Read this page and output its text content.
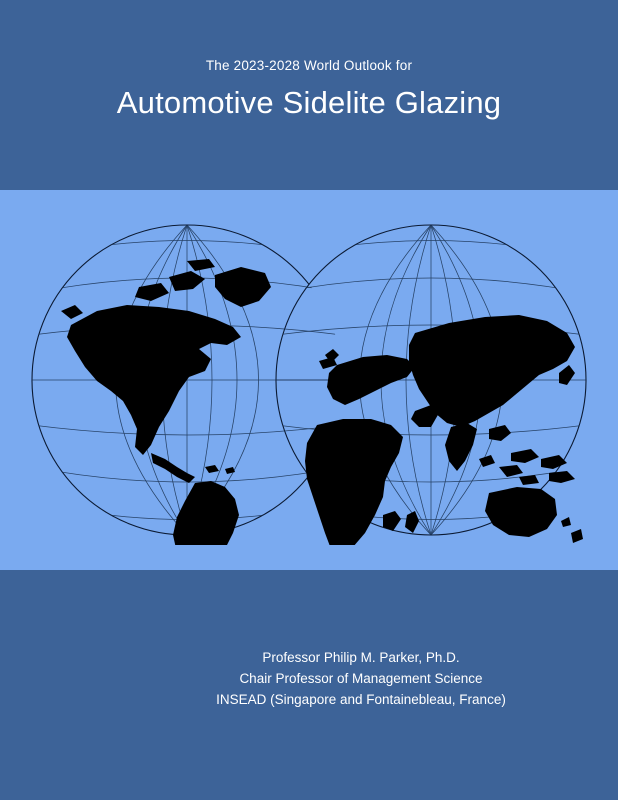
The 2023-2028 World Outlook for
Automotive Sidelite Glazing
Professor Philip M. Parker, Ph.D.
Chair Professor of Management Science
INSEAD (Singapore and Fontainebleau, France)
